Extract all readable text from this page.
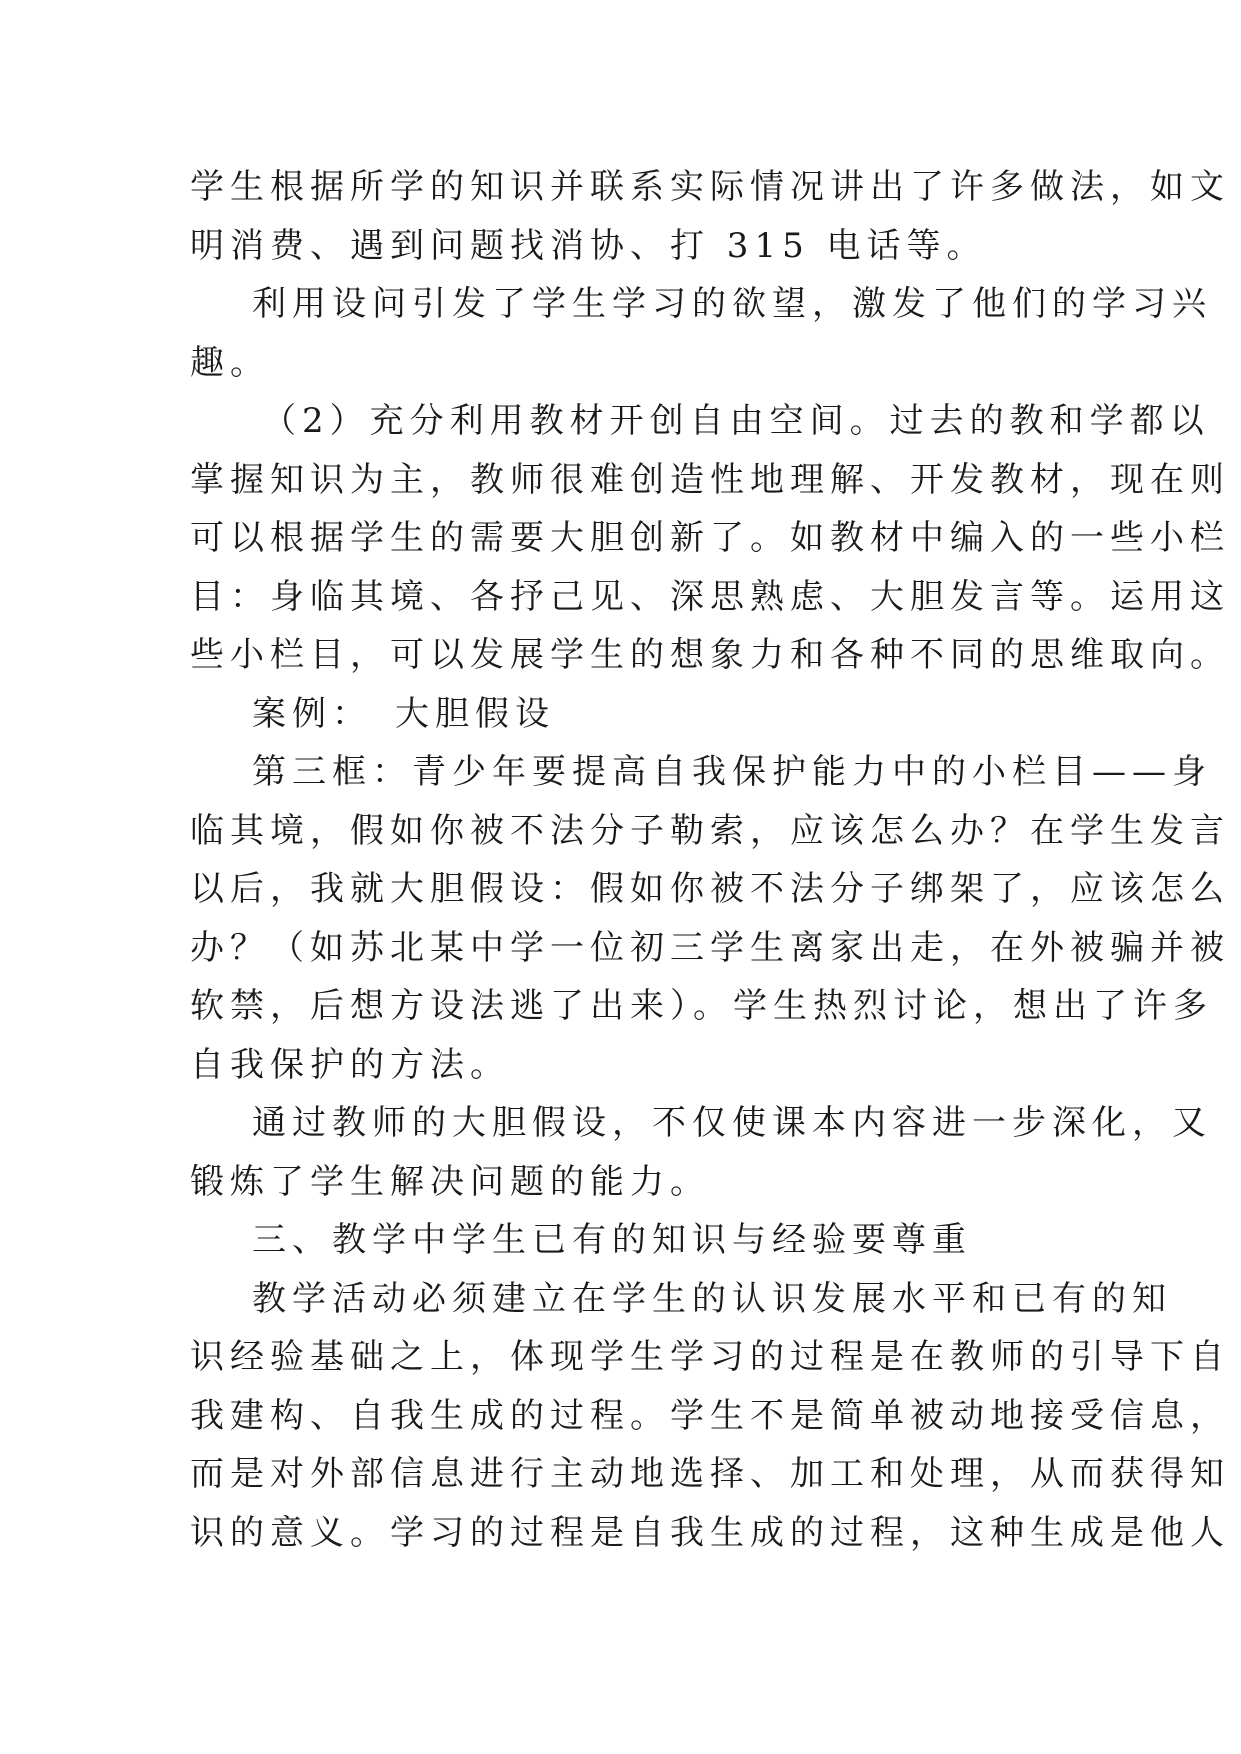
学生根据所学的知识并联系实际情况讲出了许多做法，如文
明消费、遇到问题找消协、打 315 电话等。
利用设问引发了学生学习的欲望，激发了他们的学习兴
趣。
（2）充分利用教材开创自由空间。过去的教和学都以
掌握知识为主，教师很难创造性地理解、开发教材，现在则
可以根据学生的需要大胆创新了。如教材中编入的一些小栏
目：身临其境、各抒己见、深思熟虑、大胆发言等。运用这
些小栏目，可以发展学生的想象力和各种不同的思维取向。
案例：　大胆假设
第三框：青少年要提高自我保护能力中的小栏目——身
临其境，假如你被不法分子勒索，应该怎么办？在学生发言
以后，我就大胆假设：假如你被不法分子绑架了，应该怎么
办？（如苏北某中学一位初三学生离家出走，在外被骗并被
软禁，后想方设法逃了出来）。学生热烈讨论，想出了许多
自我保护的方法。
通过教师的大胆假设，不仅使课本内容进一步深化，又
锻炼了学生解决问题的能力。
三、教学中学生已有的知识与经验要尊重
教学活动必须建立在学生的认识发展水平和已有的知
识经验基础之上，体现学生学习的过程是在教师的引导下自
我建构、自我生成的过程。学生不是简单被动地接受信息，
而是对外部信息进行主动地选择、加工和处理，从而获得知
识的意义。学习的过程是自我生成的过程，这种生成是他人
